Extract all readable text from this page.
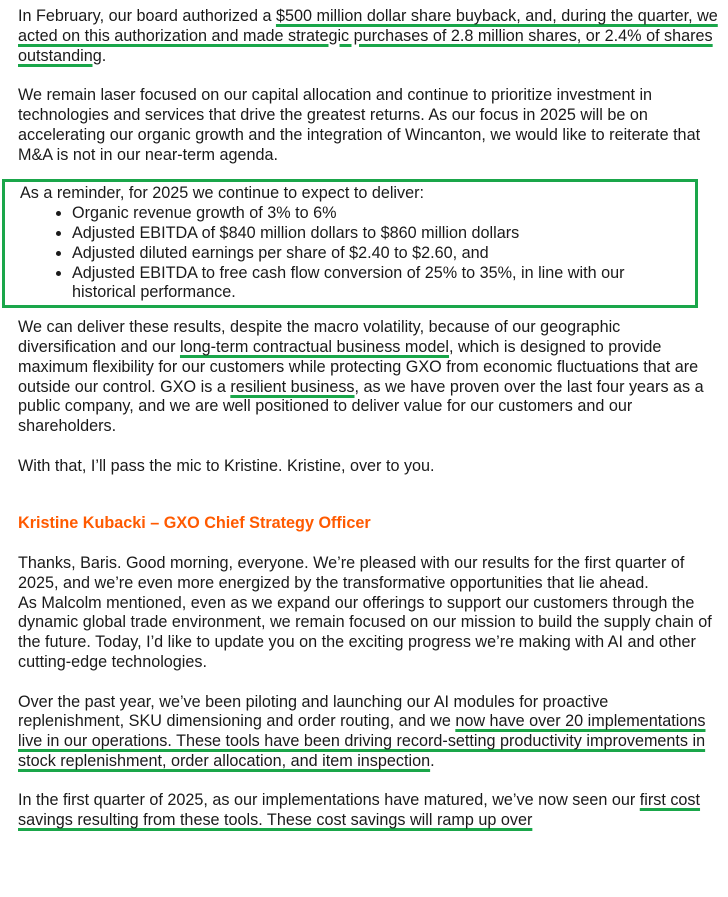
In February, our board authorized a $500 million dollar share buyback, and, during the quarter, we acted on this authorization and made strategic purchases of 2.8 million shares, or 2.4% of shares outstanding.

We remain laser focused on our capital allocation and continue to prioritize investment in technologies and services that drive the greatest returns. As our focus in 2025 will be on accelerating our organic growth and the integration of Wincanton, we would like to reiterate that M&A is not in our near-term agenda.

As a reminder, for 2025 we continue to expect to deliver:

• Organic revenue growth of 3% to 6%
• Adjusted EBITDA of $840 million dollars to $860 million dollars
• Adjusted diluted earnings per share of $2.40 to $2.60, and
• Adjusted EBITDA to free cash flow conversion of 25% to 35%, in line with our historical performance.

We can deliver these results, despite the macro volatility, because of our geographic diversification and our long-term contractual business model, which is designed to provide maximum flexibility for our customers while protecting GXO from economic fluctuations that are outside our control. GXO is a resilient business, as we have proven over the last four years as a public company, and we are well positioned to deliver value for our customers and our shareholders.

With that, I’ll pass the mic to Kristine. Kristine, over to you.

Kristine Kubacki – GXO Chief Strategy Officer

Thanks, Baris. Good morning, everyone. We’re pleased with our results for the first quarter of 2025, and we’re even more energized by the transformative opportunities that lie ahead.

As Malcolm mentioned, even as we expand our offerings to support our customers through the dynamic global trade environment, we remain focused on our mission to build the supply chain of the future. Today, I’d like to update you on the exciting progress we’re making with AI and other cutting-edge technologies.

Over the past year, we’ve been piloting and launching our AI modules for proactive replenishment, SKU dimensioning and order routing, and we now have over 20 implementations live in our operations. These tools have been driving record-setting productivity improvements in stock replenishment, order allocation, and item inspection.

In the first quarter of 2025, as our implementations have matured, we’ve now seen our first cost savings resulting from these tools. These cost savings will ramp up over
